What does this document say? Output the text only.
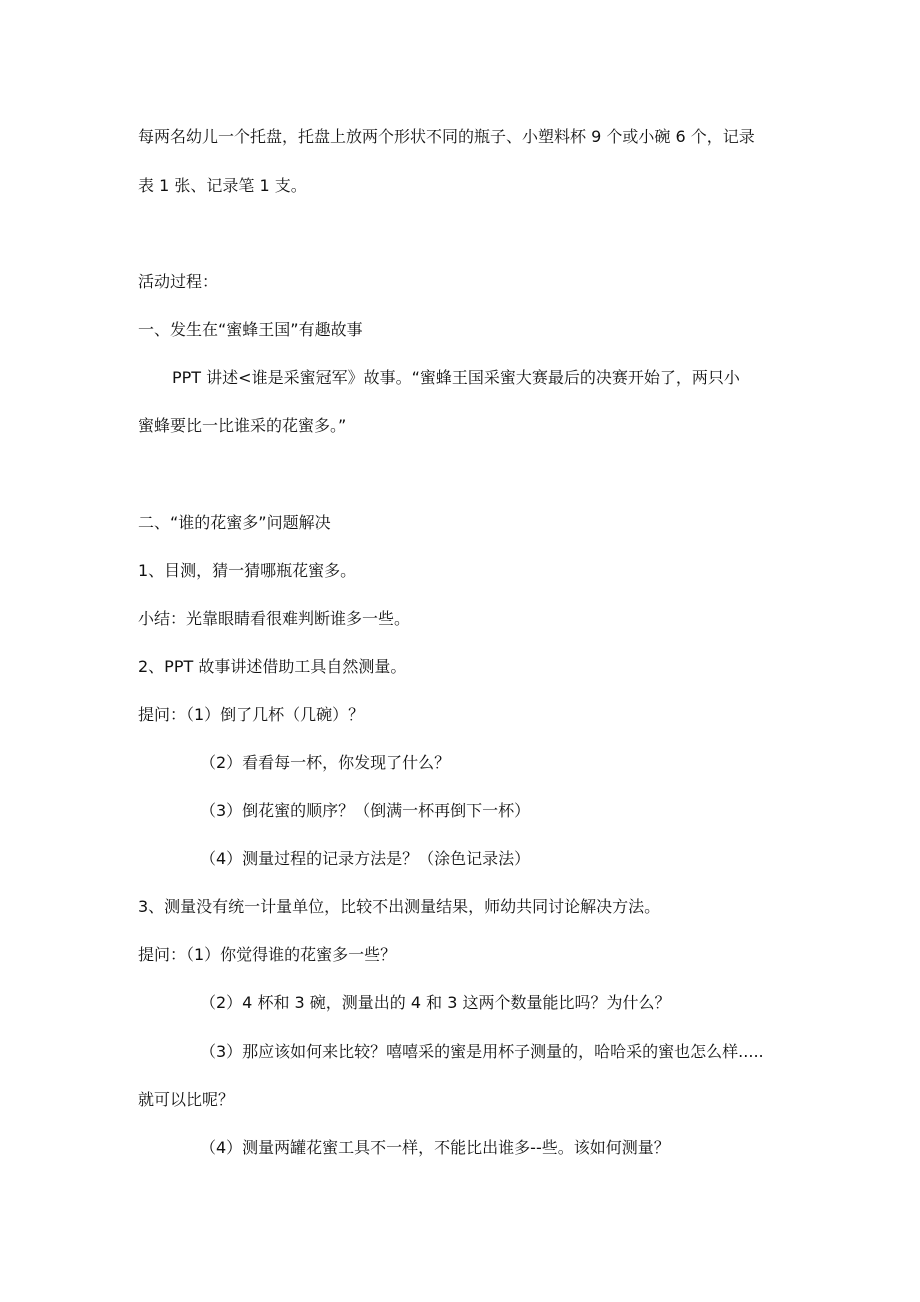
每两名幼儿一个托盘，托盘上放两个形状不同的瓶子、小塑料杯 9 个或小碗 6 个，记录
表 1 张、记录笔 1 支。
活动过程：
一、发生在“蜜蜂王国”有趣故事
PPT 讲述<谁是采蜜冠军》故事。“蜜蜂王国采蜜大赛最后的决赛开始了，两只小
蜜蜂要比一比谁采的花蜜多。”
二、“谁的花蜜多”问题解决
1、目测，猜一猜哪瓶花蜜多。
小结：光靠眼睛看很难判断谁多一些。
2、PPT 故事讲述借助工具自然测量。
提问：（1）倒了几杯（几碗）？
（2）看看每一杯，你发现了什么？
（3）倒花蜜的顺序？（倒满一杯再倒下一杯）
（4）测量过程的记录方法是？（涂色记录法）
3、测量没有统一计量单位，比较不出测量结果，师幼共同讨论解决方法。
提问：（1）你觉得谁的花蜜多一些？
（2）4 杯和 3 碗，测量出的 4 和 3 这两个数量能比吗？为什么？
（3）那应该如何来比较？嘻嘻采的蜜是用杯子测量的，哈哈采的蜜也怎么样.....
就可以比呢？
（4）测量两罐花蜜工具不一样，不能比出谁多--些。该如何测量？
